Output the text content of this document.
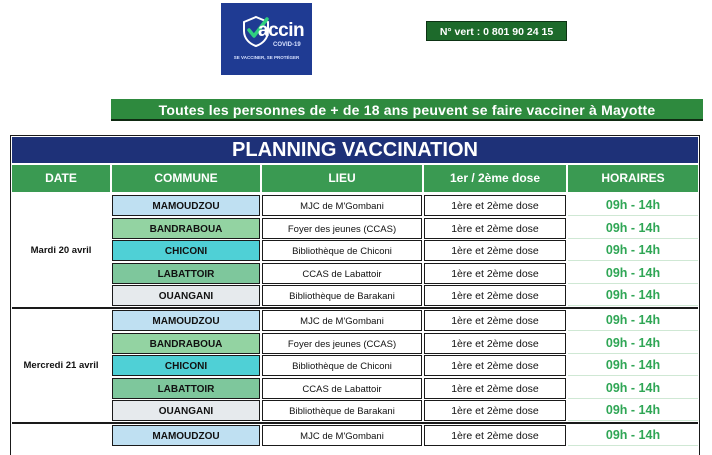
accin
COVID-19
SE VACCINER, SE PROTÉGER
N° vert : 0 801 90 24 15
Toutes les personnes de + de 18 ans peuvent se faire vacciner à Mayotte
PLANNING VACCINATION
DATE	COMMUNE	LIEU	1er / 2ème dose	HORAIRES
Mardi 20 avril
MAMOUDZOU	MJC de M'Gombani	1ère et 2ème dose	09h - 14h
BANDRABOUA	Foyer des jeunes (CCAS)	1ère et 2ème dose	09h - 14h
CHICONI	Bibliothèque de Chiconi	1ère et 2ème dose	09h - 14h
LABATTOIR	CCAS de Labattoir	1ère et 2ème dose	09h - 14h
OUANGANI	Bibliothèque de Barakani	1ère et 2ème dose	09h - 14h
Mercredi 21 avril
MAMOUDZOU	MJC de M'Gombani	1ère et 2ème dose	09h - 14h
BANDRABOUA	Foyer des jeunes (CCAS)	1ère et 2ème dose	09h - 14h
CHICONI	Bibliothèque de Chiconi	1ère et 2ème dose	09h - 14h
LABATTOIR	CCAS de Labattoir	1ère et 2ème dose	09h - 14h
OUANGANI	Bibliothèque de Barakani	1ère et 2ème dose	09h - 14h
MAMOUDZOU	MJC de M'Gombani	1ère et 2ème dose	09h - 14h
